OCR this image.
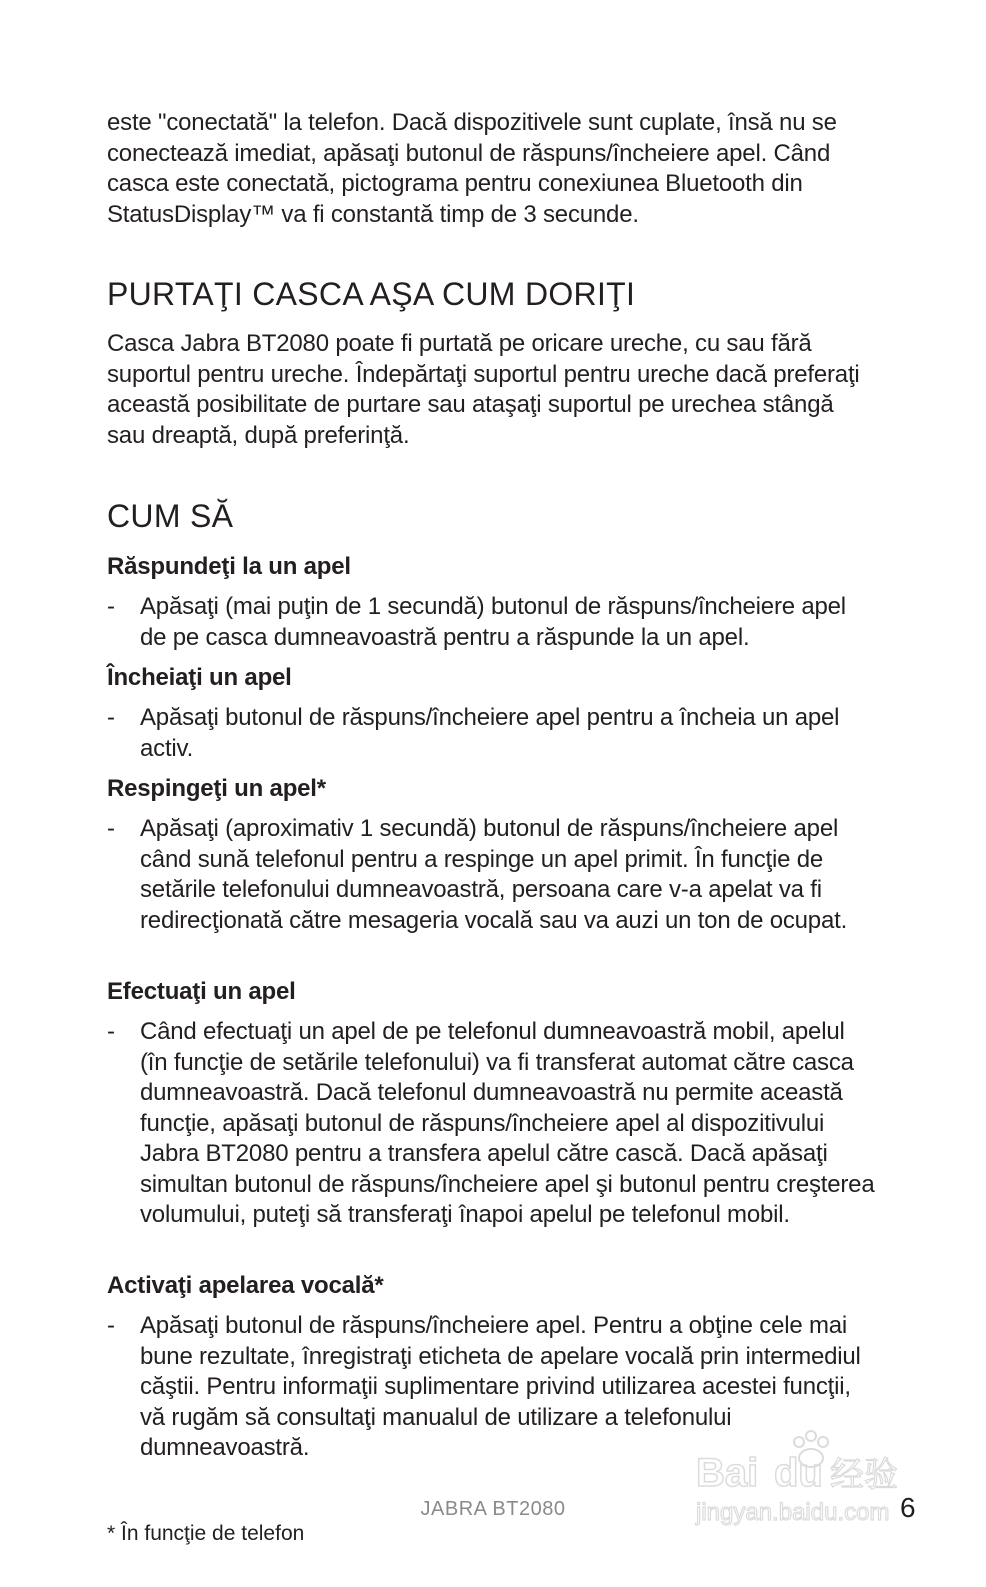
este "conectată" la telefon. Dacă dispozitivele sunt cuplate, însă nu se conectează imediat, apăsaţi butonul de răspuns/încheiere apel. Când casca este conectată, pictograma pentru conexiunea Bluetooth din StatusDisplay™ va fi constantă timp de 3 secunde.

PURTAŢI CASCA AŞA CUM DORIŢI

Casca Jabra BT2080 poate fi purtată pe oricare ureche, cu sau fără suportul pentru ureche. Îndepărtaţi suportul pentru ureche dacă preferaţi această posibilitate de purtare sau ataşaţi suportul pe urechea stângă sau dreaptă, după preferinţă.

CUM SĂ
Răspundeţi la un apel
- Apăsaţi (mai puţin de 1 secundă) butonul de răspuns/încheiere apel de pe casca dumneavoastră pentru a răspunde la un apel.
Încheiaţi un apel
- Apăsaţi butonul de răspuns/încheiere apel pentru a încheia un apel activ.
Respingeţi un apel*
- Apăsaţi (aproximativ 1 secundă) butonul de răspuns/încheiere apel când sună telefonul pentru a respinge un apel primit. În funcţie de setările telefonului dumneavoastră, persoana care v-a apelat va fi redirecţionată către mesageria vocală sau va auzi un ton de ocupat.
Efectuaţi un apel
- Când efectuaţi un apel de pe telefonul dumneavoastră mobil, apelul (în funcţie de setările telefonului) va fi transferat automat către casca dumneavoastră. Dacă telefonul dumneavoastră nu permite această funcţie, apăsaţi butonul de răspuns/încheiere apel al dispozitivului Jabra BT2080 pentru a transfera apelul către cască. Dacă apăsaţi simultan butonul de răspuns/încheiere apel şi butonul pentru creşterea volumului, puteţi să transferaţi înapoi apelul pe telefonul mobil.
Activaţi apelarea vocală*
- Apăsaţi butonul de răspuns/încheiere apel. Pentru a obţine cele mai bune rezultate, înregistraţi eticheta de apelare vocală prin intermediul căştii. Pentru informaţii suplimentare privind utilizarea acestei funcţii, vă rugăm să consultaţi manualul de utilizare a telefonului dumneavoastră.
Bai du 经验
jingyan.baidu.com
JABRA BT2080	6
* În funcţie de telefon
